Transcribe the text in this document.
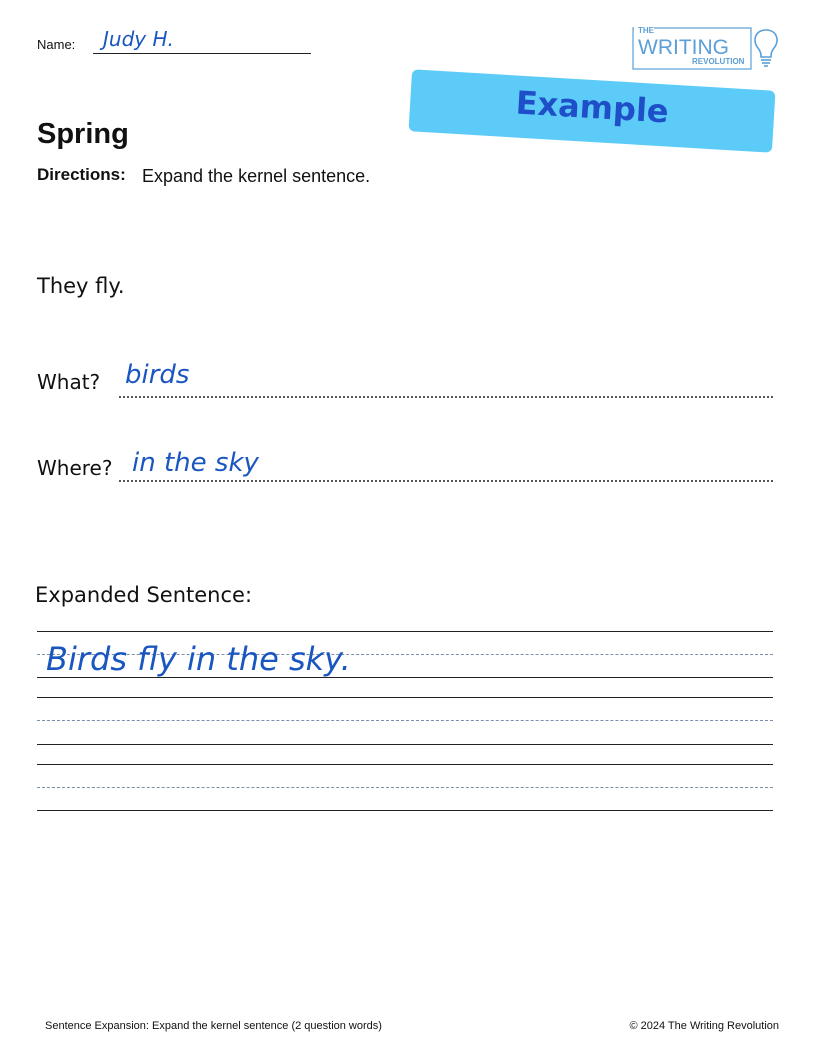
Name: Judy H.	THE
WRITING
REVOLUTION
Example
Spring
Directions: Expand the kernel sentence.
They fly.
What? birds
Where? in the sky
Expanded Sentence:
Birds fly in the sky.
Sentence Expansion: Expand the kernel sentence (2 question words)	© 2024 The Writing Revolution
